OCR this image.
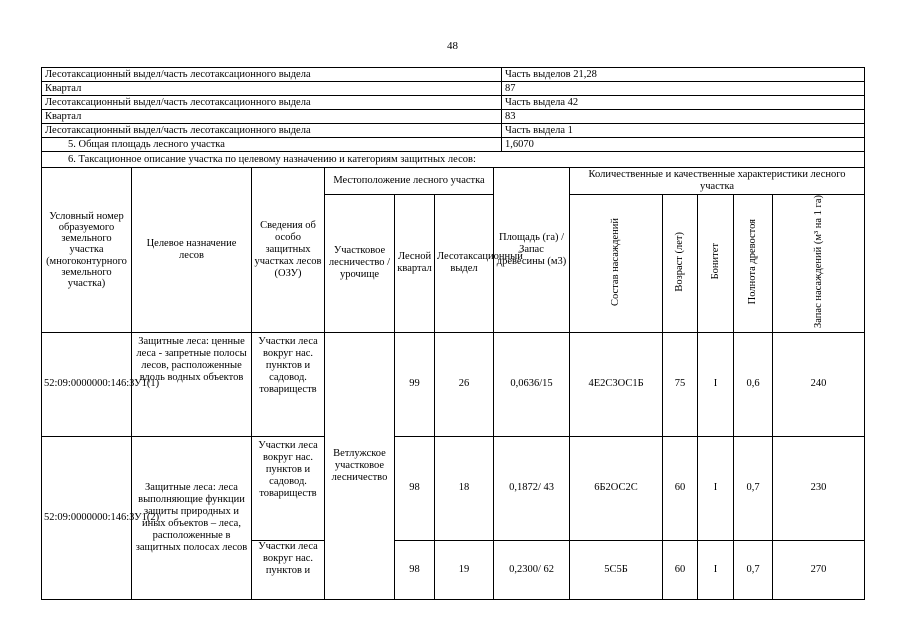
48
Лесотаксационный выдел/часть лесотаксационного выдела	Часть выделов 21,28
Квартал	87
Лесотаксационный выдел/часть лесотаксационного выдела	Часть выдела 42
Квартал	83
Лесотаксационный выдел/часть лесотаксационного выдела	Часть выдела 1
5. Общая площадь лесного участка	1,6070
6. Таксационное описание участка по целевому назначению и категориям защитных лесов:	
Условный номер образуемого земельного участка (многоконтурного земельного участка)	Целевое назначение лесов	Сведения об особо защитных участках лесов (ОЗУ)	Местоположение лесного участка			Площадь (га) / Запас древесины (м3)	Количественные и качественные характеристики лесного участка				
			Участковое лесничество / урочище	Лесной квартал	Лесотаксационный выдел		Состав насаждений	Возраст (лет)	Бонитет	Полнота древостоя	Запас насаждений (м³ на 1 га)

52:09:0000000:146:ЗУ1(1)	Защитные леса: ценные леса - запретные полосы лесов, расположенные вдоль водных объектов	Участки леса вокруг нас. пунктов и садовод. товариществ	Ветлужское участковое лесничество	99	26	0,0636/15	4Е2С3ОС1Б	75	I	0,6	240

52:09:0000000:146:ЗУ1(2)	Защитные леса: леса выполняющие функции защиты природных и иных объектов – леса, расположенные в защитных полосах лесов	Участки леса вокруг нас. пунктов и садовод. товариществ		98	18	0,1872/ 43	6Б2ОС2С	60	I	0,7	230

		Участки леса вокруг нас. пунктов и		98	19	0,2300/ 62	5С5Б	60	I	0,7	270
